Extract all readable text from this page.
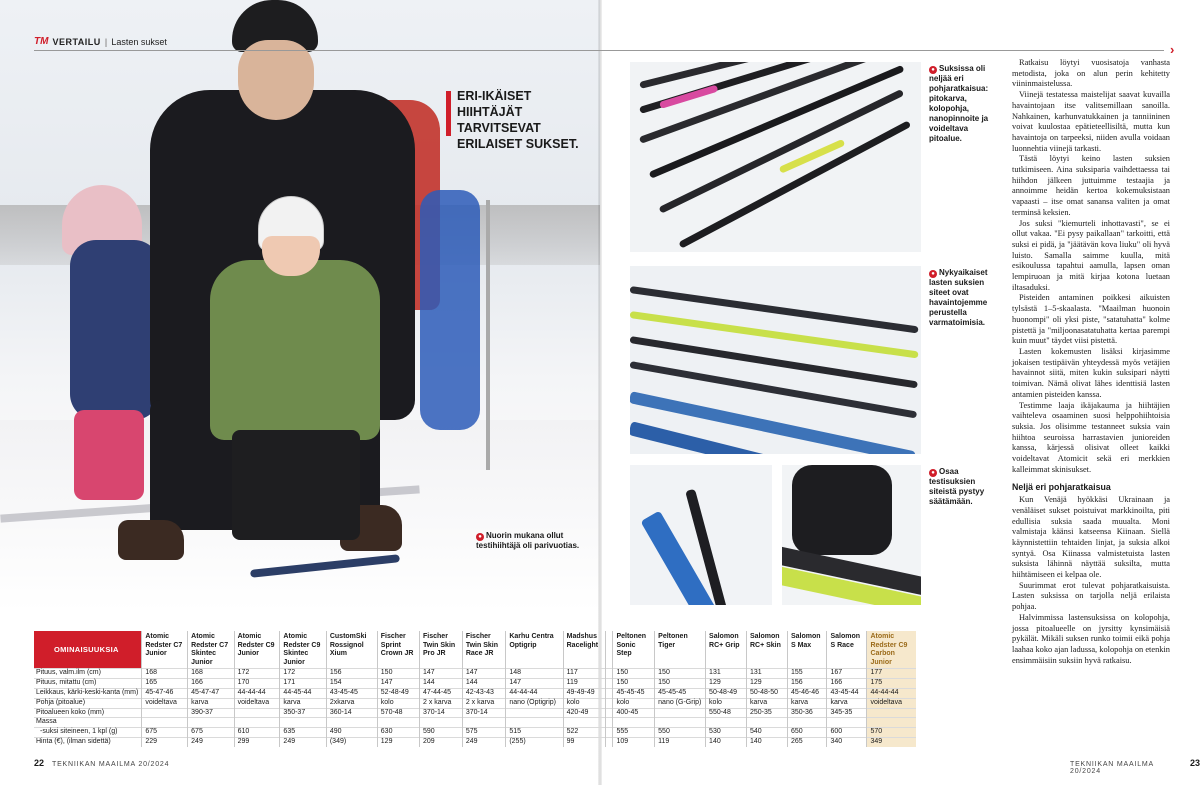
ERI-IKÄISET HIIHTÄJÄT TARVITSEVAT ERILAISET SUKSET.
● Nuorin mukana ollut testihiihtäjä oli parivuotias.
TM VERTAILU | Lasten sukset
›
● Suksissa oli neljää eri pohjaratkaisua: pitokarva, kolopohja, nanopinnoite ja voideltava pitoalue.
● Nykyaikaiset lasten suksien siteet ovat havaintojemme perustella varmatoimisia.
● Osaa testisuksien siteistä pystyy säätämään.

Ratkaisu löytyi vuosisatoja vanhasta metodista, joka on alun perin kehitetty viininmaistelussa.

Viinejä testatessa maistelijat saavat kuvailla havaintojaan itse valitsemillaan sanoilla. Nahkainen, karhunvatukkainen ja tanniininen voivat kuulostaa epätieteellisiltä, mutta kun havaintoja on tarpeeksi, niiden avulla voidaan luonnehtia viinejä tarkasti.

Tästä löytyi keino lasten suksien tutkimiseen. Aina suksiparia vaihdettaessa tai hiihdon jälkeen juttuimme testaajia ja annoimme heidän kertoa kokemuksistaan vapaasti – itse omat sanansa valiten ja omat terminsä keksien.

Jos suksi "kiemurteli inhottavasti", se ei ollut vakaa. "Ei pysy paikallaan" tarkoitti, että suksi ei pidä, ja "jäätävän kova liuku" oli hyvä luisto. Samalla saimme kuulla, mitä esikoulussa tapahtui aamulla, lapsen oman lempiruoan ja mitä kirjaa kotona luetaan iltasaduksi.

Pisteiden antaminen poikkesi aikuisten tylsästä 1–5-skaalasta. "Maailman huonoin huonompi" oli yksi piste, "satatuhatta" kolme pistettä ja "miljoonasatatuhatta kertaa parempi kuin muut" täydet viisi pistettä.

Lasten kokemusten lisäksi kirjasimme jokaisen testipäivän yhteydessä myös vetäjien havainnot siitä, miten kukin suksipari näytti toimivan. Nämä olivat lähes identtisiä lasten antamien pisteiden kanssa.

Testimme laaja ikäjakauma ja hiihtäjien vaihteleva osaaminen suosi helppohiihtoisia suksia. Jos olisimme testanneet suksia vain hiihtoa seuroissa harrastavien junioreiden kanssa, kärjessä olisivat olleet kaikki voideltavat Atomicit sekä eri merkkien kalleimmat skinisukset.

Neljä eri pohjaratkaisua

Kun Venäjä hyökkäsi Ukrainaan ja venäläiset sukset poistuivat markkinoilta, piti edullisia suksia saada muualta. Moni valmistaja käänsi katseensa Kiinaan. Siellä käynnistettiin tehtaiden linjat, ja suksia alkoi syntyä. Osa Kiinassa valmistetuista lasten suksista lähinnä näyttää suksilta, mutta hiihtämiseen ei kelpaa ole.

Suurimmat erot tulevat pohjaratkaisuista. Lasten suksissa on tarjolla neljä erilaista pohjaa.

Halvimmissa lastensuksissa on kolopohja, jossa pitoalueelle on jyrsitty kynsimäisiä pykälät. Mikäli suksen runko toimii eikä pohja laahaa koko ajan ladussa, kolopohja on etenkin ensimmäisiin suksiin hyvä ratkaisu.

OMINAISUUKSIA	Atomic Redster C7 Junior	Atomic Redster C7 Skintec Junior	Atomic Redster C9 Junior	Atomic Redster C9 Skintec Junior	CustomSki Rossignol Xium	Fischer Sprint Crown JR	Fischer Twin Skin Pro JR	Fischer Twin Skin Race JR	Karhu Centra Optigrip	Madshus Racelight		Peltonen Sonic Step	Peltonen Tiger	Salomon RC+ Grip	Salomon RC+ Skin	Salomon S Max	Salomon S Race	Atomic Redster C9 Carbon Junior
Pituus, valm.ilm (cm)	168	168	172	172	156	150	147	147	148	117		150	150	131	131	155	167	177
Pituus, mitattu (cm)	165	166	170	171	154	147	144	144	147	119		150	150	129	129	156	166	175
Leikkaus, kärki-keski-kanta (mm)	45-47-46	45-47-47	44-44-44	44-45-44	43-45-45	52-48-49	47-44-45	42-43-43	44-44-44	49-49-49		45-45-45	45-45-45	50-48-49	50-48-50	45-46-46	43-45-44	44-44-44
Pohja (pitoalue)	voideltava	karva	voideltava	karva	2xkarva	kolo	2 x karva	2 x karva	nano (Optigrip)	kolo		kolo	nano (G-Grip)	kolo	karva	karva	karva	voideltava
Pitoalueen koko (mm)		390-37		350-37	360-14	570-48	370-14	370-14		420-49		400-45		550-48	250-35	350-36	345-35	
Massa																		
-suksi siteineen, 1 kpl (g)	675	675	610	635	490	630	590	575	515	522		555	550	530	540	650	600	570
Hinta (€), (ilman sidettä)	229	249	299	249	(349)	129	209	249	(255)	99		109	119	140	140	265	340	349
22 TEKNIIKAN MAAILMA 20/2024	TEKNIIKAN MAAILMA 20/2024
23
